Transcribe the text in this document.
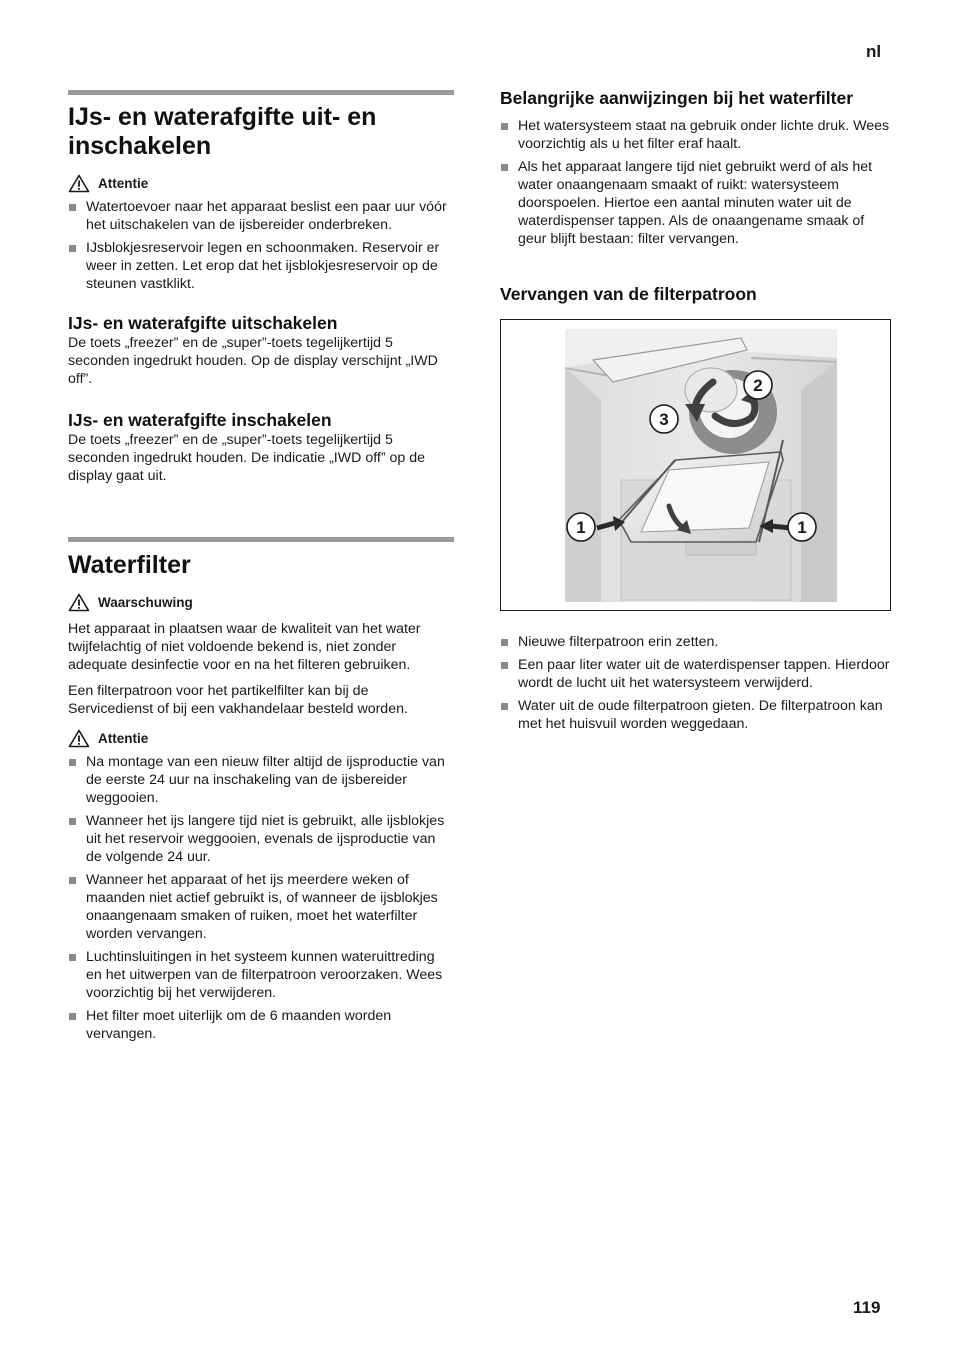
nl
IJs- en waterafgifte uit- en inschakelen
Attentie
Watertoevoer naar het apparaat beslist een paar uur vóór het uitschakelen van de ijsbereider onderbreken.
IJsblokjesreservoir legen en schoonmaken. Reservoir er weer in zetten. Let erop dat het ijsblokjesreservoir op de steunen vastklikt.
IJs- en waterafgifte uitschakelen

De toets „freezer” en de „super”-toets tegelijkertijd 5 seconden ingedrukt houden. Op de display verschijnt „IWD off”.

IJs- en waterafgifte inschakelen

De toets „freezer” en de „super”-toets tegelijkertijd 5 seconden ingedrukt houden. De indicatie „IWD off” op de display gaat uit.

Waterfilter
Waarschuwing

Het apparaat in plaatsen waar de kwaliteit van het water twijfelachtig of niet voldoende bekend is, niet zonder adequate desinfectie voor en na het filteren gebruiken.

Een filterpatroon voor het partikelfilter kan bij de Servicedienst of bij een vakhandelaar besteld worden.

Attentie
Na montage van een nieuw filter altijd de ijsproductie van de eerste 24 uur na inschakeling van de ijsbereider weggooien.
Wanneer het ijs langere tijd niet is gebruikt, alle ijsblokjes uit het reservoir weggooien, evenals de ijsproductie van de volgende 24 uur.
Wanneer het apparaat of het ijs meerdere weken of maanden niet actief gebruikt is, of wanneer de ijsblokjes onaangenaam smaken of ruiken, moet het waterfilter worden vervangen.
Luchtinsluitingen in het systeem kunnen wateruittreding en het uitwerpen van de filterpatroon veroorzaken. Wees voorzichtig bij het verwijderen.
Het filter moet uiterlijk om de 6 maanden worden vervangen.
Belangrijke aanwijzingen bij het waterfilter
Het watersysteem staat na gebruik onder lichte druk. Wees voorzichtig als u het filter eraf haalt.
Als het apparaat langere tijd niet gebruikt werd of als het water onaangenaam smaakt of ruikt: watersysteem doorspoelen. Hiertoe een aantal minuten water uit de waterdispenser tappen. Als de onaangename smaak of geur blijft bestaan: filter vervangen.
Vervangen van de filterpatroon
Nieuwe filterpatroon erin zetten.
Een paar liter water uit de waterdispenser tappen. Hierdoor wordt de lucht uit het watersysteem verwijderd.
Water uit de oude filterpatroon gieten. De filterpatroon kan met het huisvuil worden weggedaan.
1	1
2
3
119
